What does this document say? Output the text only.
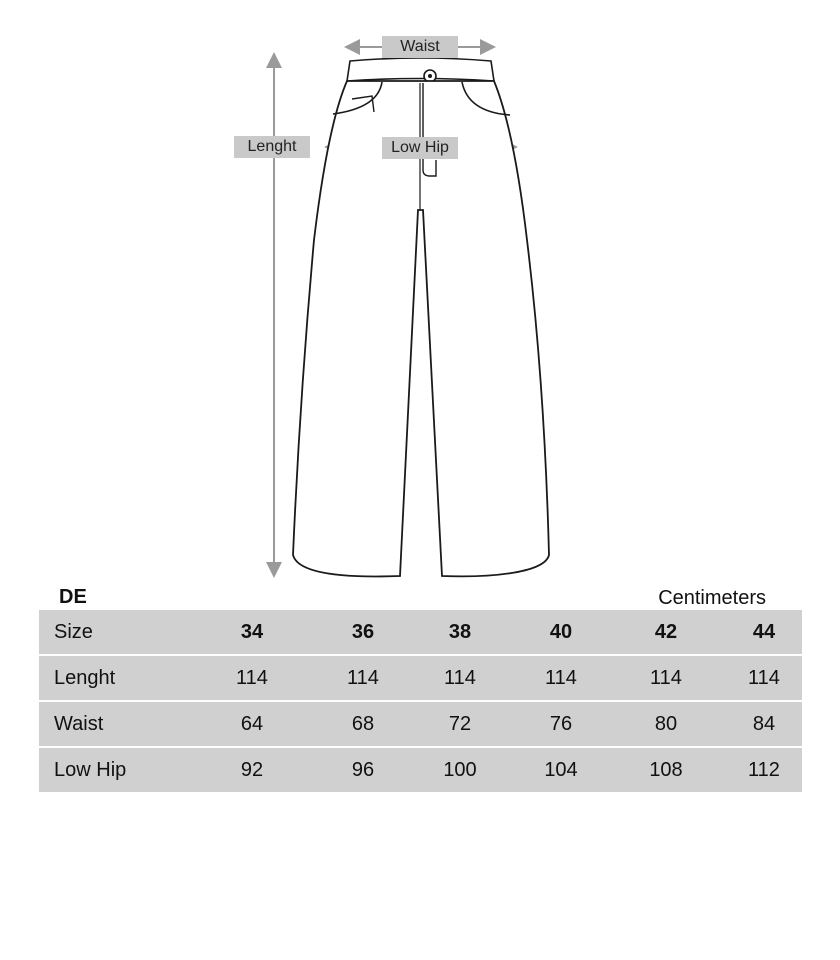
Waist
Lenght	Low Hip
DE	Centimeters
Size	34	36	38	40	42	44
Lenght	114	114	114	114	114	114
Waist	64	68	72	76	80	84
Low Hip	92	96	100	104	108	112
